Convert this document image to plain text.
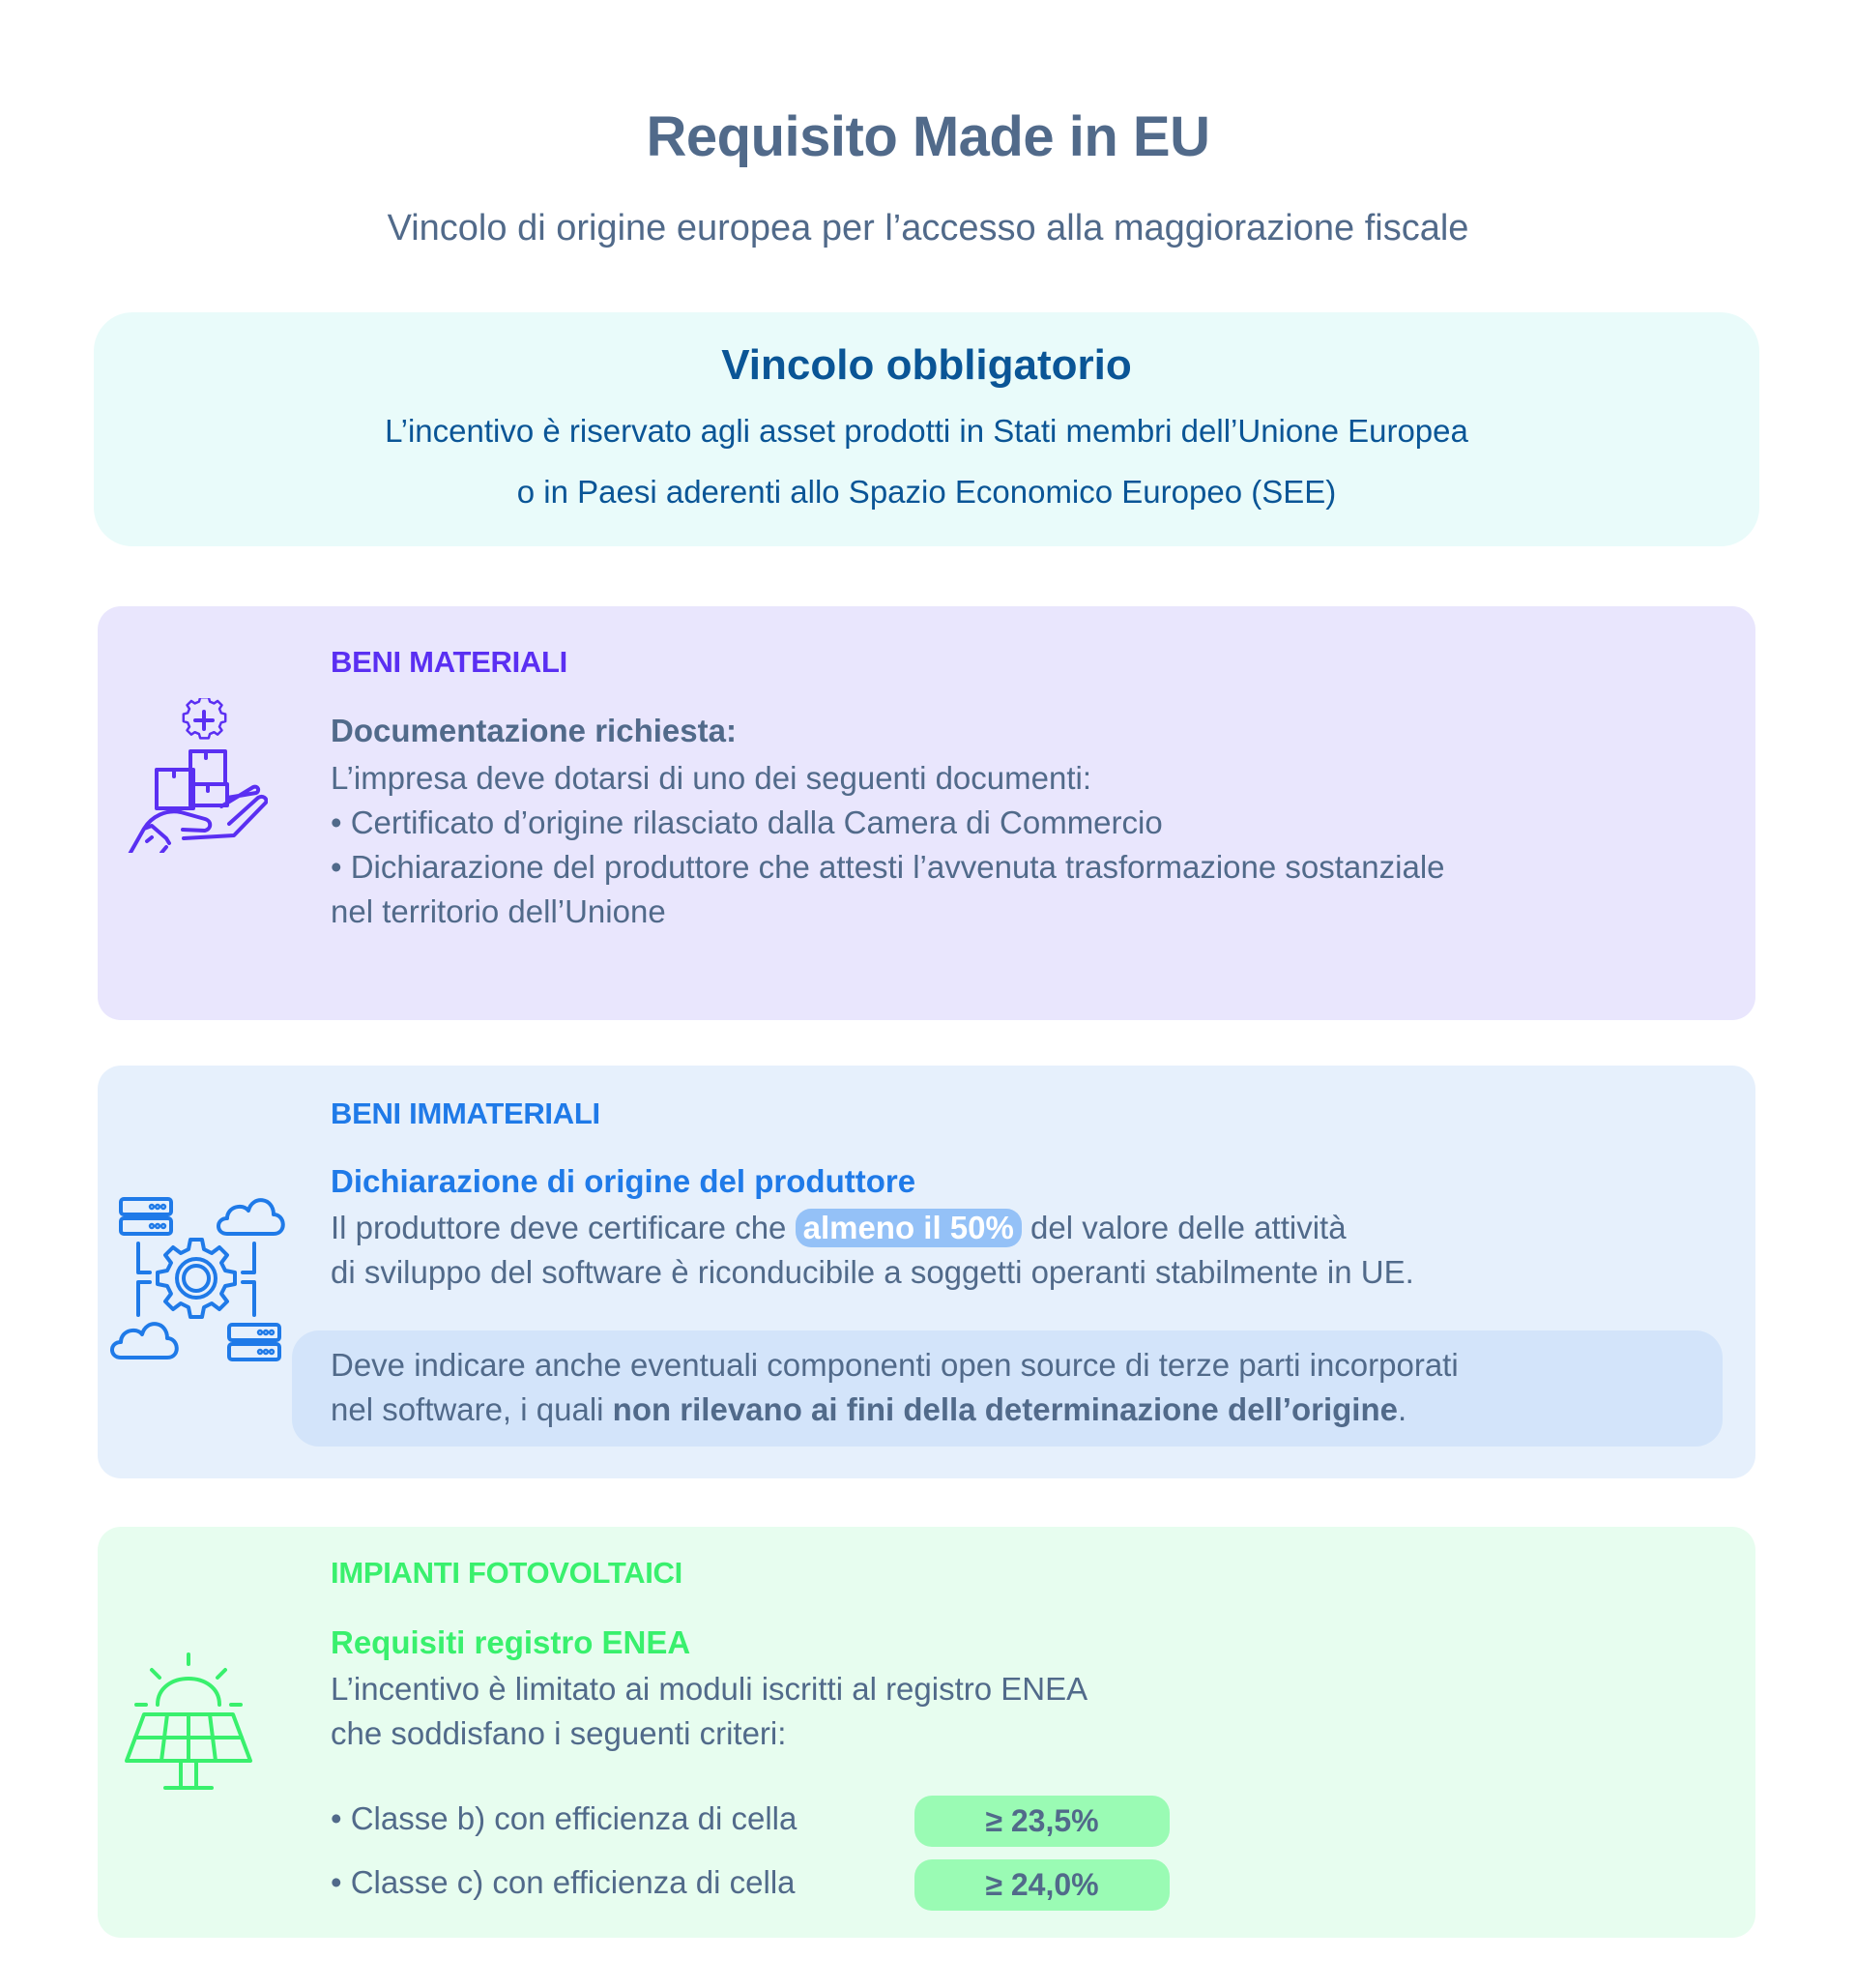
Requisito Made in EU
Vincolo di origine europea per l’accesso alla maggiorazione fiscale
Vincolo obbligatorio
L’incentivo è riservato agli asset prodotti in Stati membri dell’Unione Europea
o in Paesi aderenti allo Spazio Economico Europeo (SEE)
BENI MATERIALI
Documentazione richiesta:
L’impresa deve dotarsi di uno dei seguenti documenti:
• Certificato d’origine rilasciato dalla Camera di Commercio
• Dichiarazione del produttore che attesti l’avvenuta trasformazione sostanziale
nel territorio dell’Unione
BENI IMMATERIALI
Dichiarazione di origine del produttore
Il produttore deve certificare che almeno il 50% del valore delle attività
di sviluppo del software è riconducibile a soggetti operanti stabilmente in UE.
Deve indicare anche eventuali componenti open source di terze parti incorporati
nel software, i quali non rilevano ai fini della determinazione dell’origine.
IMPIANTI FOTOVOLTAICI
Requisiti registro ENEA
L’incentivo è limitato ai moduli iscritti al registro ENEA
che soddisfano i seguenti criteri:
• Classe b) con efficienza di cella	≥ 23,5%
• Classe c) con efficienza di cella	≥ 24,0%
